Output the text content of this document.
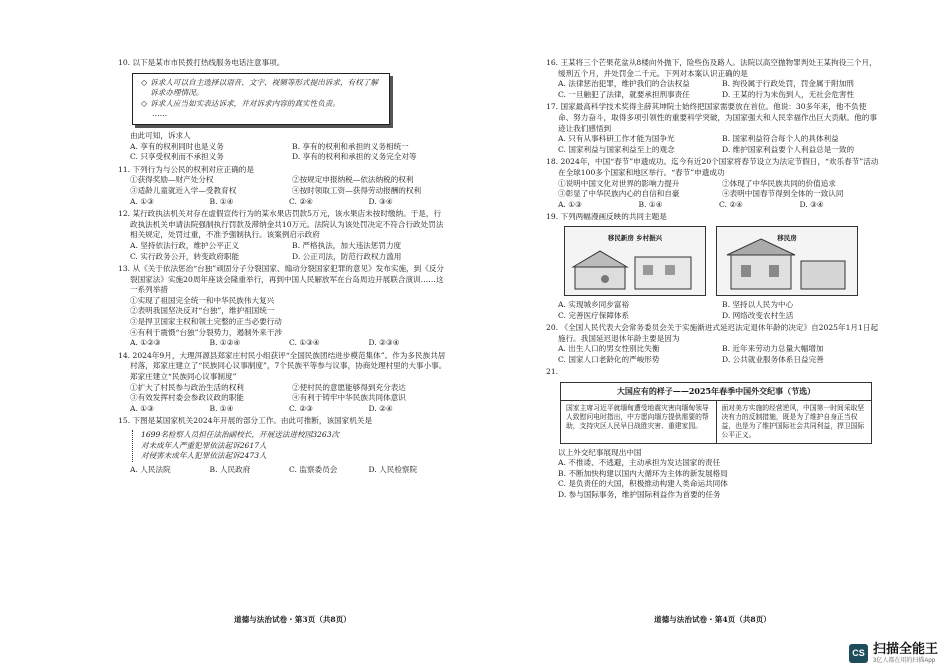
10. 以下是某市市民拨打热线服务电话注意事项。
◇ 诉求人可以自主选择以语音、文字、视频等形式提出诉求，有权了解诉求办理情况。
◇ 诉求人应当如实表达诉求，并对诉求内容的真实性负责。
……
由此可知，诉求人
A. 享有的权利同时也是义务	B. 享有的权利和承担的义务相统一
C. 只享受权利而不承担义务	D. 享有的权利和承担的义务完全对等
11. 下列行为与公民的权利对应正确的是
①获得奖励—财产处分权	②按规定申报纳税—依法纳税的权利
③适龄儿童就近入学—受教育权	④按时领取工资—获得劳动报酬的权利
A. ①③	B. ①④	C. ②④	D. ③④
12. 某行政执法机关对存在虚假宣传行为的某水果店罚款5万元，该水果店未按时缴纳。于是，行政执法机关申请法院强制执行罚款及滞纳金共10万元。法院认为该处罚决定不符合行政处罚法相关规定，处罚过重，不准予强制执行。该案例启示政府
A. 坚持依法行政，维护公平正义	B. 严格执法，加大违法惩罚力度
C. 实行政务公开，转变政府职能	D. 公正司法，防范行政权力滥用
13. 从《关于依法惩治“台独”顽固分子分裂国家、煽动分裂国家犯罪的意见》发布实施，到《反分裂国家法》实施20周年座谈会隆重举行，再到中国人民解放军在台岛周边开展联合演训……这一系列举措
①实现了祖国完全统一和中华民族伟大复兴
②表明我国坚决反对“台独”，维护祖国统一
③是捍卫国家主权和领土完整的正当必要行动
④有利于震慑“台独”分裂势力，遏制外来干涉
A. ①②③	B. ①②④	C. ①③④	D. ②③④
14. 2024年9月，大理洱源县郑家庄村民小组获评“全国民族团结进步模范集体”。作为多民族共居村落，郑家庄建立了“民族同心议事制度”，7个民族平等参与议事，协商处理村里的大事小事。郑家庄建立“民族同心议事制度”
①扩大了村民参与政治生活的权利	②使村民的意愿能够得到充分表达
③有效发挥村委会参政议政的职能	④有利于铸牢中华民族共同体意识
A. ①③	B. ①④	C. ②③	D. ②④
15. 下图是某国家机关2024年开展的部分工作。由此可推断，该国家机关是
1699名检察人员担任法治副校长，开展送法进校园3263次
对未成年人严重犯罪依法起诉2617人
对侵害未成年人犯罪依法起诉2473人
A. 人民法院	B. 人民政府	C. 监察委员会	D. 人民检察院
16. 王某将三个芒果花盆从8楼向外抛下，险些伤及路人。法院以高空抛物罪判处王某拘役三个月，缓刑五个月，并处罚金二千元。下列对本案认识正确的是
A. 法律惩治犯罪，维护我们的合法权益	B. 拘役属于行政处罚，罚金属于附加刑
C. 一旦触犯了法律，就要承担刑事责任	D. 王某的行为未伤到人，无社会危害性
17. 国家最高科学技术奖得主薛其坤院士始终把国家需要放在首位。他说：30多年来，他不负使命、努力奋斗，取得多项引领性的重要科学突破，为国家强大和人民幸福作出巨大贡献。他的事迹让我们感悟到
A. 只有从事科研工作才能为国争光	B. 国家利益符合每个人的具体利益
C. 国家利益与国家利益至上的观念	D. 维护国家利益要个人利益总是一致的
18. 2024年，中国“春节”申遗成功。迄今有近20个国家将春节设立为法定节假日，“欢乐春节”活动在全球100多个国家和地区举行。“春节”申遗成功
①说明中国文化对世界的影响力提升	②体现了中华民族共同的价值追求
③彰显了中华民族内心的自信和自豪	④表明中国春节得到全体的一致认同
A. ①③	B. ①④	C. ②④	D. ③④
19. 下列两幅漫画反映的共同主题是
移民新房 乡村振兴	移民房
A. 实现城乡同步富裕	B. 坚持以人民为中心
C. 完善医疗保障体系	D. 网络改变农村生活
20. 《全国人民代表大会常务委员会关于实施渐进式延迟法定退休年龄的决定》自2025年1月1日起施行。我国延迟退休年龄主要是因为
A. 出生人口的男女性别比失衡	B. 近年来劳动力总量大幅增加
C. 国家人口老龄化的严峻形势	D. 公共就业服务体系日益完善
21.
大国应有的样子——2025年春季中国外交纪事（节选）
国家主席习近平就缅甸遭受地震灾害向缅甸领导人致慰问电时指出，中方愿向缅方提供需要的帮助，支持灾区人民早日战胜灾害、重建家园。
面对美方实施的经营逆风，中国第一时间采取坚决有力的反制措施，既是为了维护自身正当权益，也是为了维护国际社会共同利益，捍卫国际公平正义。
以上外交纪事展现出中国
A. 不推诿、不逃避，主动承担为发达国家的责任
B. 不断加快构建以国内大循环为主体的新发展格局
C. 是负责任的大国，积极推动构建人类命运共同体
D. 参与国际事务，维护国际利益作为首要的任务
道德与法治试卷・第3页（共8页）	道德与法治试卷・第4页（共8页）
CS 扫描全能王
3亿人都在用的扫描App
